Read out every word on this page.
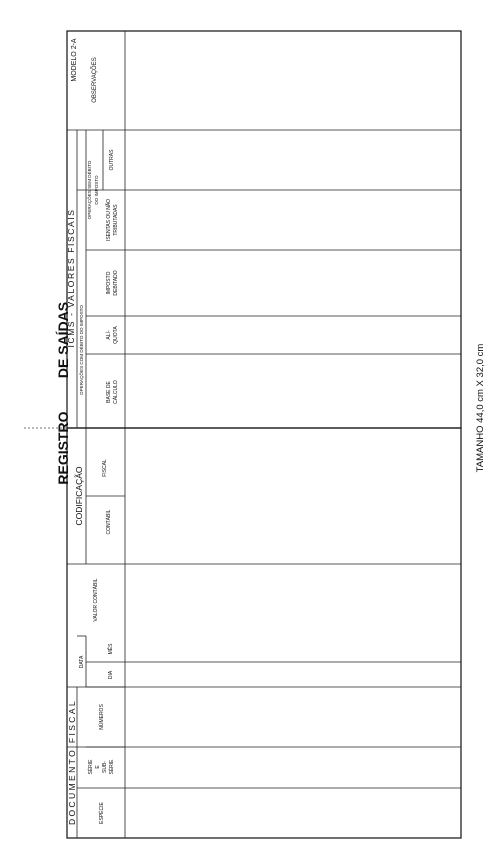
MODELO 2-A
REGISTRO
DE SAÍDAS
TAMANHO 44,0 cm X 32,0 cm
DOCUMENTO FISCAL
DATA
ESPÉCIE
SÉRIE E SUB- SÉRIE
NÚMEROS
DIA
MÊS
VALOR CONTÁBIL
CODIFICAÇÃO	CONTÁBIL
FISCAL
ICMS - VALORES FISCAIS
OPERAÇÕES COM DÉBITO DO IMPOSTO	BASE DE CÁLCULO
ALÍ- QUOTA
IMPOSTO DEBITADO
OPERAÇÕES SEM DÉBITO DO IMPOSTO
ISENTAS OU NÃO TRIBUTADAS
OUTRAS
OBSERVAÇÕES
